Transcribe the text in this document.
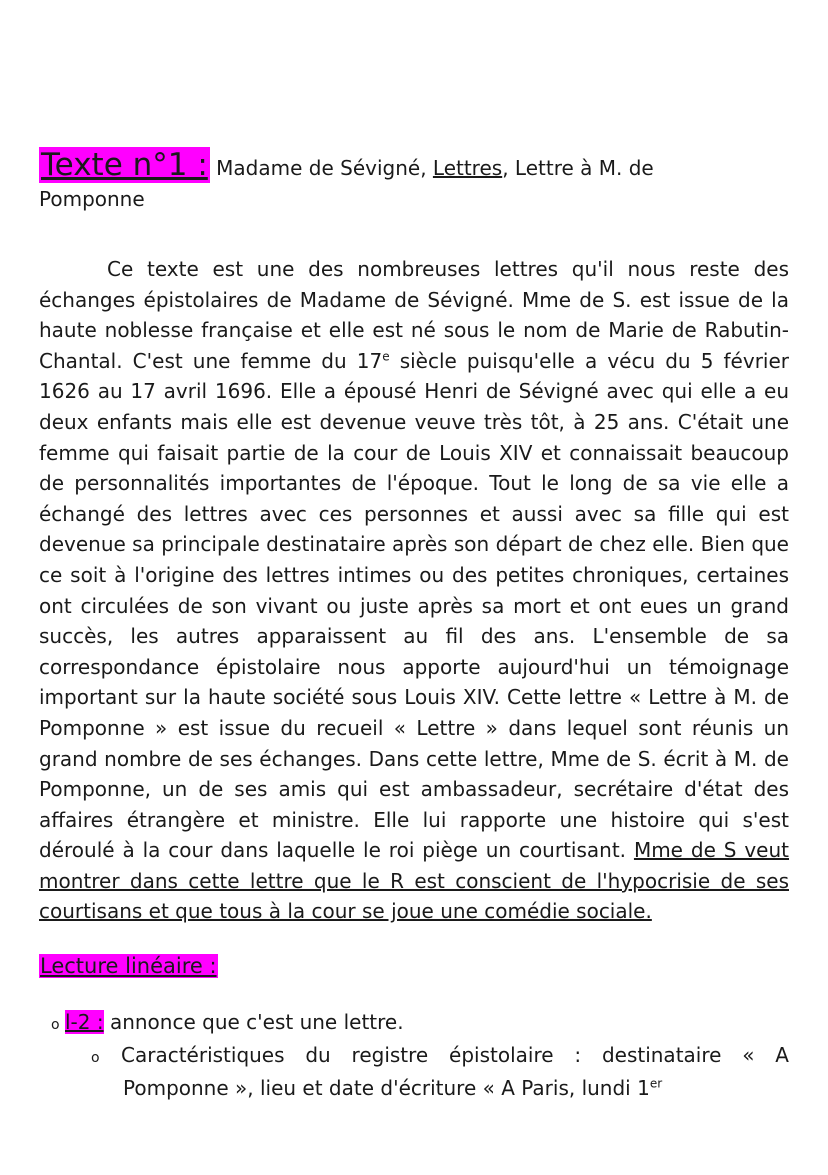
Texte n°1 : Madame de Sévigné, Lettres, Lettre à M. de
Pomponne

Ce texte est une des nombreuses lettres qu'il nous reste des échanges épistolaires de Madame de Sévigné. Mme de S. est issue de la haute noblesse française et elle est né sous le nom de Marie de Rabutin-Chantal. C'est une femme du 17e siècle puisqu'elle a vécu du 5 février 1626 au 17 avril 1696. Elle a épousé Henri de Sévigné avec qui elle a eu deux enfants mais elle est devenue veuve très tôt, à 25 ans. C'était une femme qui faisait partie de la cour de Louis XIV et connaissait beaucoup de personnalités importantes de l'époque. Tout le long de sa vie elle a échangé des lettres avec ces personnes et aussi avec sa fille qui est devenue sa principale destinataire après son départ de chez elle. Bien que ce soit à l'origine des lettres intimes ou des petites chroniques, certaines ont circulées de son vivant ou juste après sa mort et ont eues un grand succès, les autres apparaissent au fil des ans. L'ensemble de sa correspondance épistolaire nous apporte aujourd'hui un témoignage important sur la haute société sous Louis XIV. Cette lettre « Lettre à M. de Pomponne » est issue du recueil « Lettre » dans lequel sont réunis un grand nombre de ses échanges. Dans cette lettre, Mme de S. écrit à M. de Pomponne, un de ses amis qui est ambassadeur, secrétaire d'état des affaires étrangère et ministre. Elle lui rapporte une histoire qui s'est déroulé à la cour dans laquelle le roi piège un courtisant. Mme de S veut montrer dans cette lettre que le R est conscient de l'hypocrisie de ses courtisans et que tous à la cour se joue une comédie sociale.

Lecture linéaire :
o l-2 : annonce que c'est une lettre.
o Caractéristiques du registre épistolaire : destinataire « A Pomponne », lieu et date d'écriture « A Paris, lundi 1er
